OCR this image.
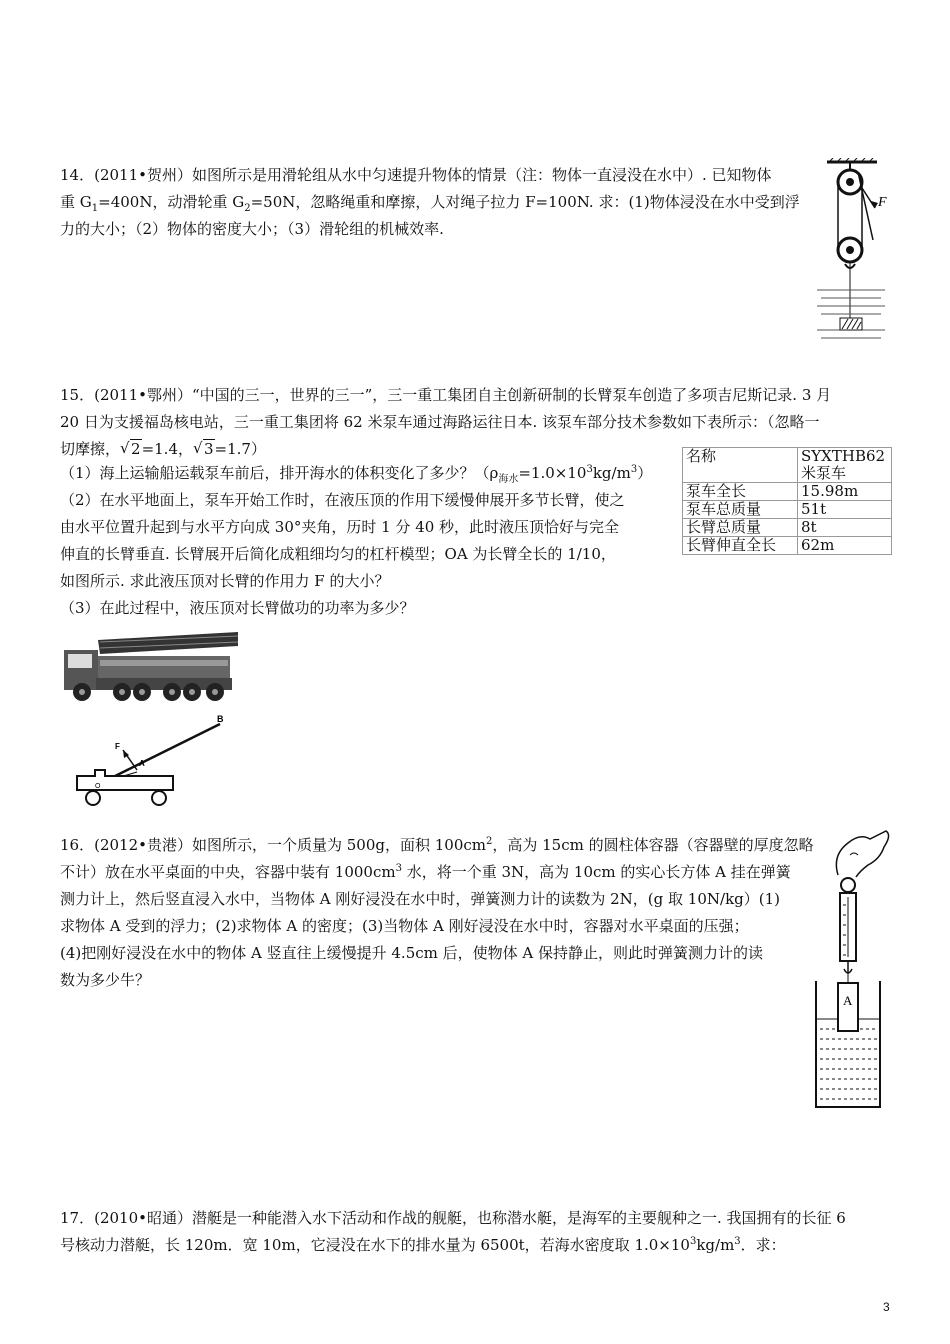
14．(2011•贺州）如图所示是用滑轮组从水中匀速提升物体的情景（注：物体一直浸没在水中）. 已知物体

重 $G_1=400N$，动滑轮重 $G_2=50N$，忽略绳重和摩擦，人对绳子拉力 F=100N. 求：(1)物体浸没在水中受到浮

力的大小；（2）物体的密度大小；（3）滑轮组的机械效率.

F

15．(2011•鄂州）“中国的三一，世界的三一”，三一重工集团自主创新研制的长臂泵车创造了多项吉尼斯记录. 3 月

20 日为支援福岛核电站，三一重工集团将 62 米泵车通过海路运往日本. 该泵车部分技术参数如下表所示：（忽略一

切摩擦， √ 2=1.4， √ 3=1.7）

（1）海上运输船运载泵车前后，排开海水的体积变化了多少？$(\rho_{海水}=1.0\times 10^3kg/m^3)$

（2）在水平地面上，泵车开始工作时，在液压顶的作用下缓慢伸展开多节长臂，使之

由水平位置升起到与水平方向成 30°夹角，历时 1 分 40 秒，此时液压顶恰好与完全

伸直的长臂垂直. 长臂展开后简化成粗细均匀的杠杆模型；OA 为长臂全长的 1/10，

如图所示. 求此液压顶对长臂的作用力 F 的大小？

（3）在此过程中，液压顶对长臂做功的功率为多少？

名称	SYXTHB62 米泵车
泵车全长	15.98m
泵车总质量	51t
长臂总质量	8t
长臂伸直全长	62m
B
F
A
O

16．(2012•贵港）如图所示，一个质量为 500g，面积 $100cm^2$，高为 15cm 的圆柱体容器（容器壁的厚度忽略

不计）放在水平桌面的中央，容器中装有 $1000cm^3$ 水，将一个重 3N，高为 10cm 的实心长方体 A 挂在弹簧

测力计上，然后竖直浸入水中，当物体 A 刚好浸没在水中时，弹簧测力计的读数为 2N，(g 取 10N/kg）(1)

求物体 A 受到的浮力；(2)求物体 A 的密度；(3)当物体 A 刚好浸没在水中时，容器对水平桌面的压强；

(4)把刚好浸没在水中的物体 A 竖直往上缓慢提升 4.5cm 后，使物体 A 保持静止，则此时弹簧测力计的读

数为多少牛？

A

17．(2010•昭通）潜艇是一种能潜入水下活动和作战的舰艇，也称潜水艇，是海军的主要舰种之一. 我国拥有的长征 6

号核动力潜艇，长 120m．宽 10m，它浸没在水下的排水量为 6500t，若海水密度取 $1.0\times 10^3kg/m^3$．求：

3
